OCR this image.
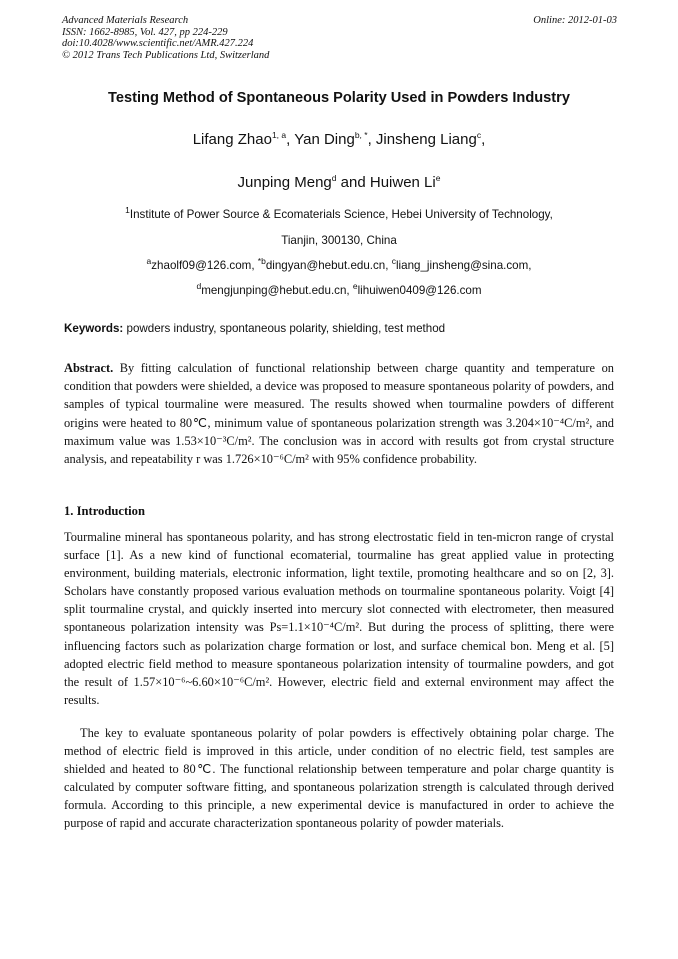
Advanced Materials Research
ISSN: 1662-8985, Vol. 427, pp 224-229
doi:10.4028/www.scientific.net/AMR.427.224
© 2012 Trans Tech Publications Ltd, Switzerland
Online: 2012-01-03
Testing Method of Spontaneous Polarity Used in Powders Industry
Lifang Zhao$^{1, a}$, Yan Ding$^{b, *}$, Jinsheng Liang$^c$,
Junping Meng$^d$ and Huiwen Li$^e$
$^1$Institute of Power Source & Ecomaterials Science, Hebei University of Technology,
Tianjin, 300130, China
$^a$zhaolf09@126.com, $^{*b}$dingyan@hebut.edu.cn, $^c$liang_jinsheng@sina.com,
$^d$mengjunping@hebut.edu.cn, $^e$lihuiwen0409@126.com
Keywords: powders industry, spontaneous polarity, shielding, test method

Abstract. By fitting calculation of functional relationship between charge quantity and temperature on condition that powders were shielded, a device was proposed to measure spontaneous polarity of powders, and samples of typical tourmaline were measured. The results showed when tourmaline powders of different origins were heated to 80℃, minimum value of spontaneous polarization strength was 3.204×10⁻⁴C/m², and maximum value was 1.53×10⁻³C/m². The conclusion was in accord with results got from crystal structure analysis, and repeatability r was 1.726×10⁻⁶C/m² with 95% confidence probability.

1. Introduction

Tourmaline mineral has spontaneous polarity, and has strong electrostatic field in ten-micron range of crystal surface [1]. As a new kind of functional ecomaterial, tourmaline has great applied value in protecting environment, building materials, electronic information, light textile, promoting healthcare and so on [2, 3]. Scholars have constantly proposed various evaluation methods on tourmaline spontaneous polarity. Voigt [4] split tourmaline crystal, and quickly inserted into mercury slot connected with electrometer, then measured spontaneous polarization intensity was Ps=1.1×10⁻⁴C/m². But during the process of splitting, there were influencing factors such as polarization charge formation or lost, and surface chemical bon. Meng et al. [5] adopted electric field method to measure spontaneous polarization intensity of tourmaline powders, and got the result of 1.57×10⁻⁶~6.60×10⁻⁶C/m². However, electric field and external environment may affect the results.

The key to evaluate spontaneous polarity of polar powders is effectively obtaining polar charge. The method of electric field is improved in this article, under condition of no electric field, test samples are shielded and heated to 80℃. The functional relationship between temperature and polar charge quantity is calculated by computer software fitting, and spontaneous polarization strength is calculated through derived formula. According to this principle, a new experimental device is manufactured in order to achieve the purpose of rapid and accurate characterization spontaneous polarity of powder materials.
